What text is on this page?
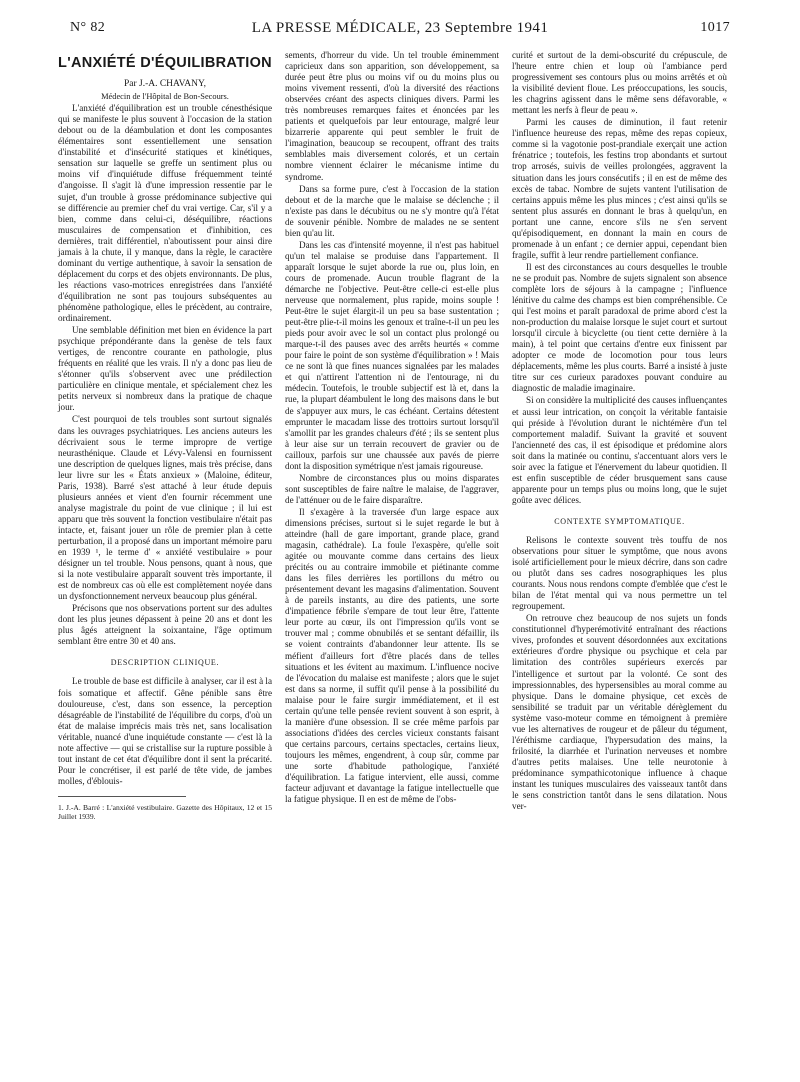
N° 82	LA PRESSE MÉDICALE, 23 Septembre 1941	1017
L'ANXIÉTÉ D'ÉQUILIBRATION

Par J.-A. CHAVANY,

Médecin de l'Hôpital de Bon-Secours.

L'anxiété d'équilibration est un trouble cénesthésique qui se manifeste le plus souvent à l'occasion de la station debout ou de la déambulation et dont les composantes élémentaires sont essentiellement une sensation d'instabilité et d'insécurité statiques et kinétiques, sensation sur laquelle se greffe un sentiment plus ou moins vif d'inquiétude diffuse fréquemment teinté d'angoisse. Il s'agit là d'une impression ressentie par le sujet, d'un trouble à grosse prédominance subjective qui se différencie au premier chef du vrai vertige. Car, s'il y a bien, comme dans celui-ci, déséquilibre, réactions musculaires de compensation et d'inhibition, ces dernières, trait différentiel, n'aboutissent pour ainsi dire jamais à la chute, il y manque, dans la règle, le caractère dominant du vertige authentique, à savoir la sensation de déplacement du corps et des objets environnants. De plus, les réactions vaso-motrices enregistrées dans l'anxiété d'équilibration ne sont pas toujours subséquentes au phénomène pathologique, elles le précèdent, au contraire, ordinairement.

Une semblable définition met bien en évidence la part psychique prépondérante dans la genèse de tels faux vertiges, de rencontre courante en pathologie, plus fréquents en réalité que les vrais. Il n'y a donc pas lieu de s'étonner qu'ils s'observent avec une prédilection particulière en clinique mentale, et spécialement chez les petits nerveux si nombreux dans la pratique de chaque jour.

C'est pourquoi de tels troubles sont surtout signalés dans les ouvrages psychiatriques. Les anciens auteurs les décrivaient sous le terme impropre de vertige neurasthénique. Claude et Lévy-Valensi en fournissent une description de quelques lignes, mais très précise, dans leur livre sur les « États anxieux » (Maloine, éditeur, Paris, 1938). Barré s'est attaché à leur étude depuis plusieurs années et vient d'en fournir récemment une analyse magistrale du point de vue clinique ; il lui est apparu que très souvent la fonction vestibulaire n'était pas intacte, et, faisant jouer un rôle de premier plan à cette perturbation, il a proposé dans un important mémoire paru en 1939 ¹, le terme d' « anxiété vestibulaire » pour désigner un tel trouble. Nous pensons, quant à nous, que si la note vestibulaire apparaît souvent très importante, il est de nombreux cas où elle est complètement noyée dans un dysfonctionnement nerveux beaucoup plus général.

Précisons que nos observations portent sur des adultes dont les plus jeunes dépassent à peine 20 ans et dont les plus âgés atteignent la soixantaine, l'âge optimum semblant être entre 30 et 40 ans.

DESCRIPTION CLINIQUE.

Le trouble de base est difficile à analyser, car il est à la fois somatique et affectif. Gêne pénible sans être douloureuse, c'est, dans son essence, la perception désagréable de l'instabilité de l'équilibre du corps, d'où un état de malaise imprécis mais très net, sans localisation véritable, nuancé d'une inquiétude constante — c'est là la note affective — qui se cristallise sur la rupture possible à tout instant de cet état d'équilibre dont il sent la précarité. Pour le concrétiser, il est parlé de tête vide, de jambes molles, d'éblouis-

1. J.-A. Barré : L'anxiété vestibulaire. Gazette des Hôpitaux, 12 et 15 Juillet 1939.

sements, d'horreur du vide. Un tel trouble éminemment capricieux dans son apparition, son développement, sa durée peut être plus ou moins vif ou du moins plus ou moins vivement ressenti, d'où la diversité des réactions observées créant des aspects cliniques divers. Parmi les très nombreuses remarques faites et énoncées par les patients et quelquefois par leur entourage, malgré leur bizarrerie apparente qui peut sembler le fruit de l'imagination, beaucoup se recoupent, offrant des traits semblables mais diversement colorés, et un certain nombre viennent éclairer le mécanisme intime du syndrome.

Dans sa forme pure, c'est à l'occasion de la station debout et de la marche que le malaise se déclenche ; il n'existe pas dans le décubitus ou ne s'y montre qu'à l'état de souvenir pénible. Nombre de malades ne se sentent bien qu'au lit.

Dans les cas d'intensité moyenne, il n'est pas habituel qu'un tel malaise se produise dans l'appartement. Il apparaît lorsque le sujet aborde la rue ou, plus loin, en cours de promenade. Aucun trouble flagrant de la démarche ne l'objective. Peut-être celle-ci est-elle plus nerveuse que normalement, plus rapide, moins souple ! Peut-être le sujet élargit-il un peu sa base sustentation ; peut-être plie-t-il moins les genoux et traîne-t-il un peu les pieds pour avoir avec le sol un contact plus prolongé ou marque-t-il des pauses avec des arrêts heurtés « comme pour faire le point de son système d'équilibration » ! Mais ce ne sont là que fines nuances signalées par les malades et qui n'attirent l'attention ni de l'entourage, ni du médecin. Toutefois, le trouble subjectif est là et, dans la rue, la plupart déambulent le long des maisons dans le but de s'appuyer aux murs, le cas échéant. Certains détestent emprunter le macadam lisse des trottoirs surtout lorsqu'il s'amollit par les grandes chaleurs d'été ; ils se sentent plus à leur aise sur un terrain recouvert de gravier ou de cailloux, parfois sur une chaussée aux pavés de pierre dont la disposition symétrique n'est jamais rigoureuse.

Nombre de circonstances plus ou moins disparates sont susceptibles de faire naître le malaise, de l'aggraver, de l'atténuer ou de le faire disparaître.

Il s'exagère à la traversée d'un large espace aux dimensions précises, surtout si le sujet regarde le but à atteindre (hall de gare important, grande place, grand magasin, cathédrale). La foule l'exaspère, qu'elle soit agitée ou mouvante comme dans certains des lieux précités ou au contraire immobile et piétinante comme dans les files derrières les portillons du métro ou présentement devant les magasins d'alimentation. Souvent à de pareils instants, au dire des patients, une sorte d'impatience fébrile s'empare de tout leur être, l'attente leur porte au cœur, ils ont l'impression qu'ils vont se trouver mal ; comme obnubilés et se sentant défaillir, ils se voient contraints d'abandonner leur attente. Ils se méfient d'ailleurs fort d'être placés dans de telles situations et les évitent au maximum. L'influence nocive de l'évocation du malaise est manifeste ; alors que le sujet est dans sa norme, il suffit qu'il pense à la possibilité du malaise pour le faire surgir immédiatement, et il est certain qu'une telle pensée revient souvent à son esprit, à la manière d'une obsession. Il se crée même parfois par associations d'idées des cercles vicieux constants faisant que certains parcours, certains spectacles, certains lieux, toujours les mêmes, engendrent, à coup sûr, comme par une sorte d'habitude pathologique, l'anxiété d'équilibration. La fatigue intervient, elle aussi, comme facteur adjuvant et davantage la fatigue intellectuelle que la fatigue physique. Il en est de même de l'obs-

curité et surtout de la demi-obscurité du crépuscule, de l'heure entre chien et loup où l'ambiance perd progressivement ses contours plus ou moins arrêtés et où la visibilité devient floue. Les préoccupations, les soucis, les chagrins agissent dans le même sens défavorable, « mettant les nerfs à fleur de peau ».

Parmi les causes de diminution, il faut retenir l'influence heureuse des repas, même des repas copieux, comme si la vagotonie post-prandiale exerçait une action frénatrice ; toutefois, les festins trop abondants et surtout trop arrosés, suivis de veilles prolongées, aggravent la situation dans les jours consécutifs ; il en est de même des excès de tabac. Nombre de sujets vantent l'utilisation de certains appuis même les plus minces ; c'est ainsi qu'ils se sentent plus assurés en donnant le bras à quelqu'un, en portant une canne, encore s'ils ne s'en servent qu'épisodiquement, en donnant la main en cours de promenade à un enfant ; ce dernier appui, cependant bien fragile, suffit à leur rendre partiellement confiance.

Il est des circonstances au cours desquelles le trouble ne se produit pas. Nombre de sujets signalent son absence complète lors de séjours à la campagne ; l'influence lénitive du calme des champs est bien compréhensible. Ce qui l'est moins et paraît paradoxal de prime abord c'est la non-production du malaise lorsque le sujet court et surtout lorsqu'il circule à bicyclette (ou tient cette dernière à la main), à tel point que certains d'entre eux finissent par adopter ce mode de locomotion pour tous leurs déplacements, même les plus courts. Barré a insisté à juste titre sur ces curieux paradoxes pouvant conduire au diagnostic de maladie imaginaire.

Si on considère la multiplicité des causes influençantes et aussi leur intrication, on conçoit la véritable fantaisie qui préside à l'évolution durant le nichtémère d'un tel comportement maladif. Suivant la gravité et souvent l'ancienneté des cas, il est épisodique et prédomine alors soit dans la matinée ou continu, s'accentuant alors vers le soir avec la fatigue et l'énervement du labeur quotidien. Il est enfin susceptible de céder brusquement sans cause apparente pour un temps plus ou moins long, que le sujet goûte avec délices.

CONTEXTE SYMPTOMATIQUE.

Relisons le contexte souvent très touffu de nos observations pour situer le symptôme, que nous avons isolé artificiellement pour le mieux décrire, dans son cadre ou plutôt dans ses cadres nosographiques les plus courants. Nous nous rendons compte d'emblée que c'est le bilan de l'état mental qui va nous permettre un tel regroupement.

On retrouve chez beaucoup de nos sujets un fonds constitutionnel d'hyperémotivité entraînant des réactions vives, profondes et souvent désordonnées aux excitations extérieures d'ordre physique ou psychique et cela par limitation des contrôles supérieurs exercés par l'intelligence et surtout par la volonté. Ce sont des impressionnables, des hypersensibles au moral comme au physique. Dans le domaine physique, cet excès de sensibilité se traduit par un véritable dérèglement du système vaso-moteur comme en témoignent à première vue les alternatives de rougeur et de pâleur du tégument, l'éréthisme cardiaque, l'hypersudation des mains, la frilosité, la diarrhée et l'urination nerveuses et nombre d'autres petits malaises. Une telle neurotonie à prédominance sympathicotonique influence à chaque instant les tuniques musculaires des vaisseaux tantôt dans le sens constriction tantôt dans le sens dilatation. Nous ver-
